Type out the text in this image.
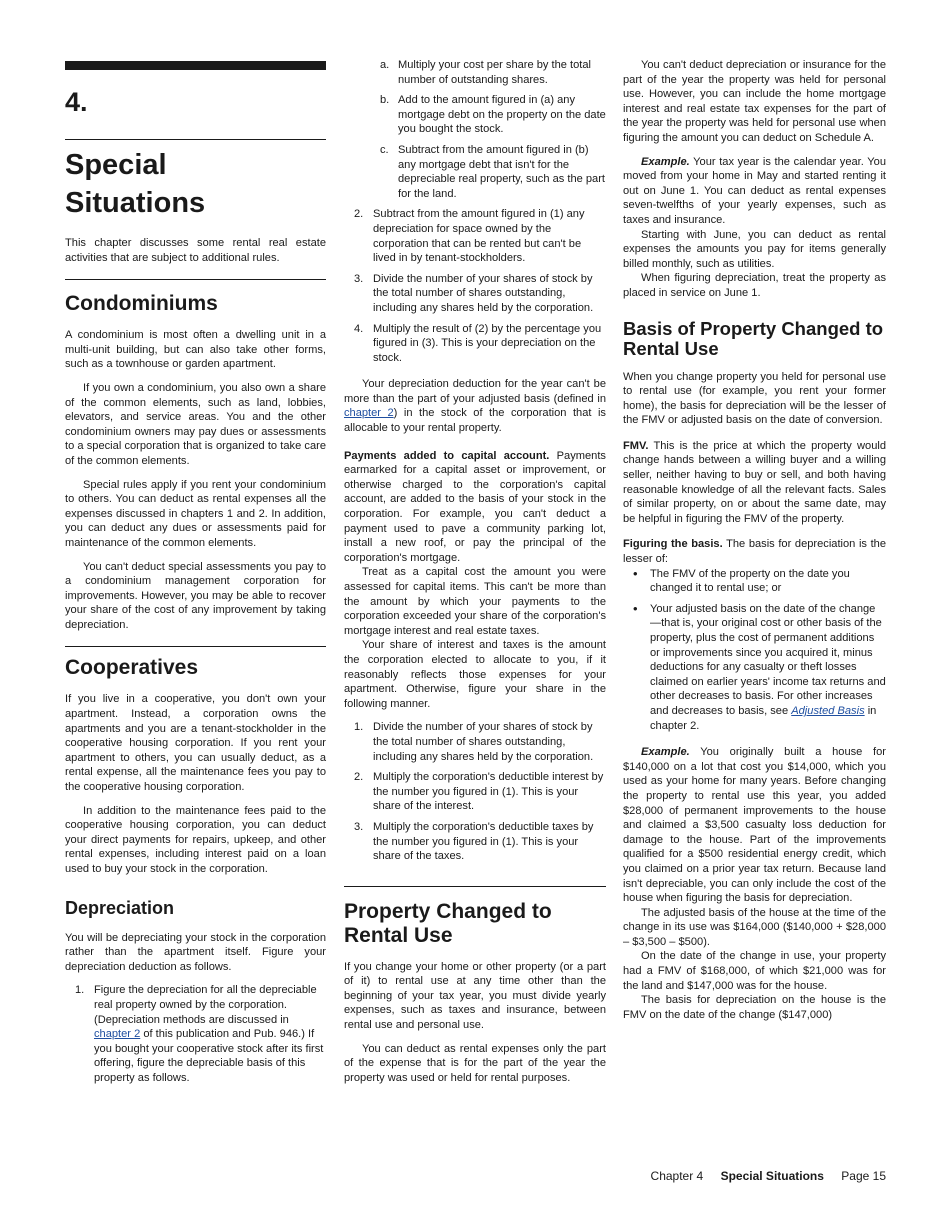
4.
Special
Situations

This chapter discusses some rental real estate activities that are subject to additional rules.

Condominiums

A condominium is most often a dwelling unit in a multi-unit building, but can also take other forms, such as a townhouse or garden apartment.

If you own a condominium, you also own a share of the common elements, such as land, lobbies, elevators, and service areas. You and the other condominium owners may pay dues or assessments to a special corporation that is organized to take care of the common elements.

Special rules apply if you rent your condominium to others. You can deduct as rental expenses all the expenses discussed in chapters 1 and 2. In addition, you can deduct any dues or assessments paid for maintenance of the common elements.

You can't deduct special assessments you pay to a condominium management corporation for improvements. However, you may be able to recover your share of the cost of any improvement by taking depreciation.

Cooperatives

If you live in a cooperative, you don't own your apartment. Instead, a corporation owns the apartments and you are a tenant-stockholder in the cooperative housing corporation. If you rent your apartment to others, you can usually deduct, as a rental expense, all the maintenance fees you pay to the cooperative housing corporation.

In addition to the maintenance fees paid to the cooperative housing corporation, you can deduct your direct payments for repairs, upkeep, and other rental expenses, including interest paid on a loan used to buy your stock in the corporation.

Depreciation

You will be depreciating your stock in the corporation rather than the apartment itself. Figure your depreciation deduction as follows.

1. Figure the depreciation for all the depreciable real property owned by the corporation. (Depreciation methods are discussed in chapter 2 of this publication and Pub. 946.) If you bought your cooperative stock after its first offering, figure the depreciable basis of this property as follows.
a. Multiply your cost per share by the total number of outstanding shares.
b. Add to the amount figured in (a) any mortgage debt on the property on the date you bought the stock.
c. Subtract from the amount figured in (b) any mortgage debt that isn't for the depreciable real property, such as the part for the land.
2. Subtract from the amount figured in (1) any depreciation for space owned by the corporation that can be rented but can't be lived in by tenant-stockholders.
3. Divide the number of your shares of stock by the total number of shares outstanding, including any shares held by the corporation.
4. Multiply the result of (2) by the percentage you figured in (3). This is your depreciation on the stock.

Your depreciation deduction for the year can't be more than the part of your adjusted basis (defined in chapter 2) in the stock of the corporation that is allocable to your rental property.

Payments added to capital account. Payments earmarked for a capital asset or improvement, or otherwise charged to the corporation's capital account, are added to the basis of your stock in the corporation. For example, you can't deduct a payment used to pave a community parking lot, install a new roof, or pay the principal of the corporation's mortgage.

Treat as a capital cost the amount you were assessed for capital items. This can't be more than the amount by which your payments to the corporation exceeded your share of the corporation's mortgage interest and real estate taxes.

Your share of interest and taxes is the amount the corporation elected to allocate to you, if it reasonably reflects those expenses for your apartment. Otherwise, figure your share in the following manner.

1. Divide the number of your shares of stock by the total number of shares outstanding, including any shares held by the corporation.
2. Multiply the corporation's deductible interest by the number you figured in (1). This is your share of the interest.
3. Multiply the corporation's deductible taxes by the number you figured in (1). This is your share of the taxes.
Property Changed to Rental Use

If you change your home or other property (or a part of it) to rental use at any time other than the beginning of your tax year, you must divide yearly expenses, such as taxes and insurance, between rental use and personal use.

You can deduct as rental expenses only the part of the expense that is for the part of the year the property was used or held for rental purposes.

You can't deduct depreciation or insurance for the part of the year the property was held for personal use. However, you can include the home mortgage interest and real estate tax expenses for the part of the year the property was held for personal use when figuring the amount you can deduct on Schedule A.

Example. Your tax year is the calendar year. You moved from your home in May and started renting it out on June 1. You can deduct as rental expenses seven-twelfths of your yearly expenses, such as taxes and insurance.

Starting with June, you can deduct as rental expenses the amounts you pay for items generally billed monthly, such as utilities.

When figuring depreciation, treat the property as placed in service on June 1.

Basis of Property Changed to Rental Use

When you change property you held for personal use to rental use (for example, you rent your former home), the basis for depreciation will be the lesser of the FMV or adjusted basis on the date of conversion.

FMV. This is the price at which the property would change hands between a willing buyer and a willing seller, neither having to buy or sell, and both having reasonable knowledge of all the relevant facts. Sales of similar property, on or about the same date, may be helpful in figuring the FMV of the property.

Figuring the basis. The basis for depreciation is the lesser of:

• The FMV of the property on the date you changed it to rental use; or
• Your adjusted basis on the date of the change—that is, your original cost or other basis of the property, plus the cost of permanent additions or improvements since you acquired it, minus deductions for any casualty or theft losses claimed on earlier years' income tax returns and other decreases to basis. For other increases and decreases to basis, see Adjusted Basis in chapter 2.

Example. You originally built a house for $140,000 on a lot that cost you $14,000, which you used as your home for many years. Before changing the property to rental use this year, you added $28,000 of permanent improvements to the house and claimed a $3,500 casualty loss deduction for damage to the house. Part of the improvements qualified for a $500 residential energy credit, which you claimed on a prior year tax return. Because land isn't depreciable, you can only include the cost of the house when figuring the basis for depreciation.

The adjusted basis of the house at the time of the change in its use was $164,000 ($140,000 + $28,000 – $3,500 – $500).

On the date of the change in use, your property had a FMV of $168,000, of which $21,000 was for the land and $147,000 was for the house.

The basis for depreciation on the house is the FMV on the date of the change ($147,000)

Chapter 4 Special Situations Page 15
